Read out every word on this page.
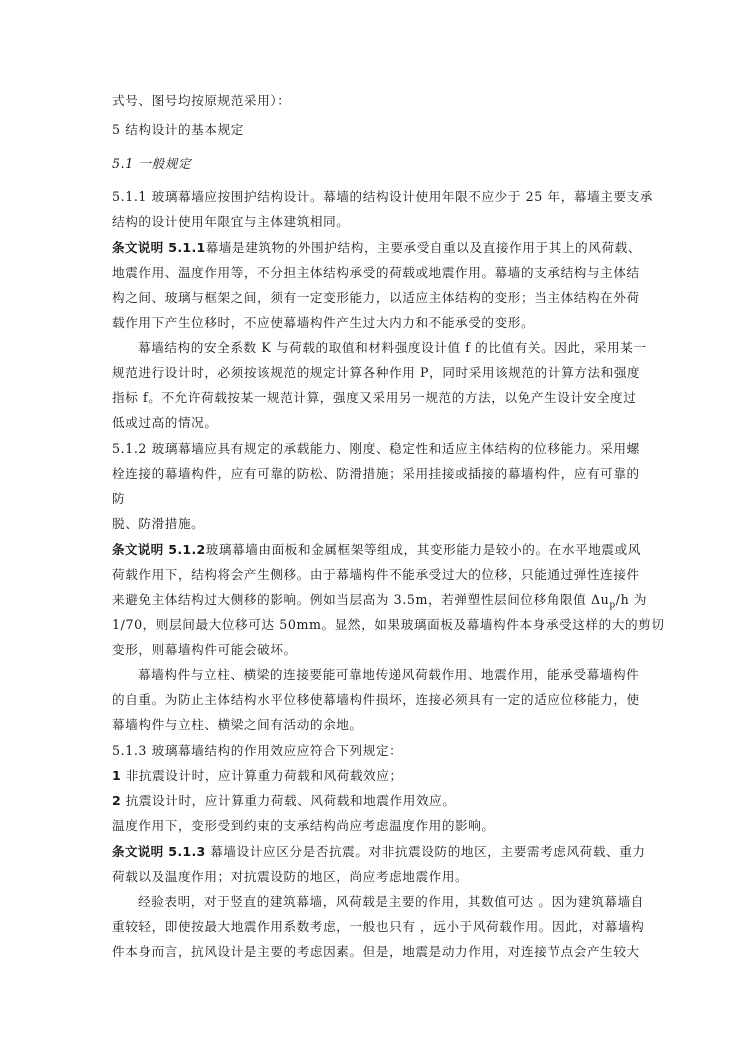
式号、图号均按原规范采用）：
5 结构设计的基本规定
5.1 一般规定
5.1.1 玻璃幕墙应按围护结构设计。幕墙的结构设计使用年限不应少于 25 年，幕墙主要支承
结构的设计使用年限宜与主体建筑相同。
条文说明 5.1.1幕墙是建筑物的外围护结构，主要承受自重以及直接作用于其上的风荷载、
地震作用、温度作用等，不分担主体结构承受的荷载或地震作用。幕墙的支承结构与主体结
构之间、玻璃与框架之间，须有一定变形能力，以适应主体结构的变形；当主体结构在外荷
载作用下产生位移时，不应使幕墙构件产生过大内力和不能承受的变形。
幕墙结构的安全系数 K 与荷载的取值和材料强度设计值 f 的比值有关。因此，采用某一
规范进行设计时，必须按该规范的规定计算各种作用 P，同时采用该规范的计算方法和强度
指标 f。不允许荷载按某一规范计算，强度又采用另一规范的方法，以免产生设计安全度过
低或过高的情况。
5.1.2 玻璃幕墙应具有规定的承载能力、刚度、稳定性和适应主体结构的位移能力。采用螺
栓连接的幕墙构件，应有可靠的防松、防滑措施；采用挂接或插接的幕墙构件，应有可靠的
防
脱、防滑措施。
条文说明 5.1.2玻璃幕墙由面板和金属框架等组成，其变形能力是较小的。在水平地震或风
荷载作用下，结构将会产生侧移。由于幕墙构件不能承受过大的位移，只能通过弹性连接件
来避免主体结构过大侧移的影响。例如当层高为 3.5m，若弹塑性层间位移角限值 $\Delta u_p/h$ 为
1/70，则层间最大位移可达 50mm。显然，如果玻璃面板及幕墙构件本身承受这样的大的剪切
变形，则幕墙构件可能会破坏。
幕墙构件与立柱、横梁的连接要能可靠地传递风荷载作用、地震作用，能承受幕墙构件
的自重。为防止主体结构水平位移使幕墙构件损坏，连接必须具有一定的适应位移能力，使
幕墙构件与立柱、横梁之间有活动的余地。
5.1.3 玻璃幕墙结构的作用效应应符合下列规定：
1 非抗震设计时，应计算重力荷载和风荷载效应；
2 抗震设计时，应计算重力荷载、风荷载和地震作用效应。
温度作用下，变形受到约束的支承结构尚应考虑温度作用的影响。
条文说明 5.1.3 幕墙设计应区分是否抗震。对非抗震设防的地区，主要需考虑风荷载、重力
荷载以及温度作用；对抗震设防的地区，尚应考虑地震作用。
经验表明，对于竖直的建筑幕墙，风荷载是主要的作用，其数值可达 。因为建筑幕墙自
重较轻，即使按最大地震作用系数考虑，一般也只有 ，远小于风荷载作用。因此，对幕墙构
件本身而言，抗风设计是主要的考虑因素。但是，地震是动力作用，对连接节点会产生较大
